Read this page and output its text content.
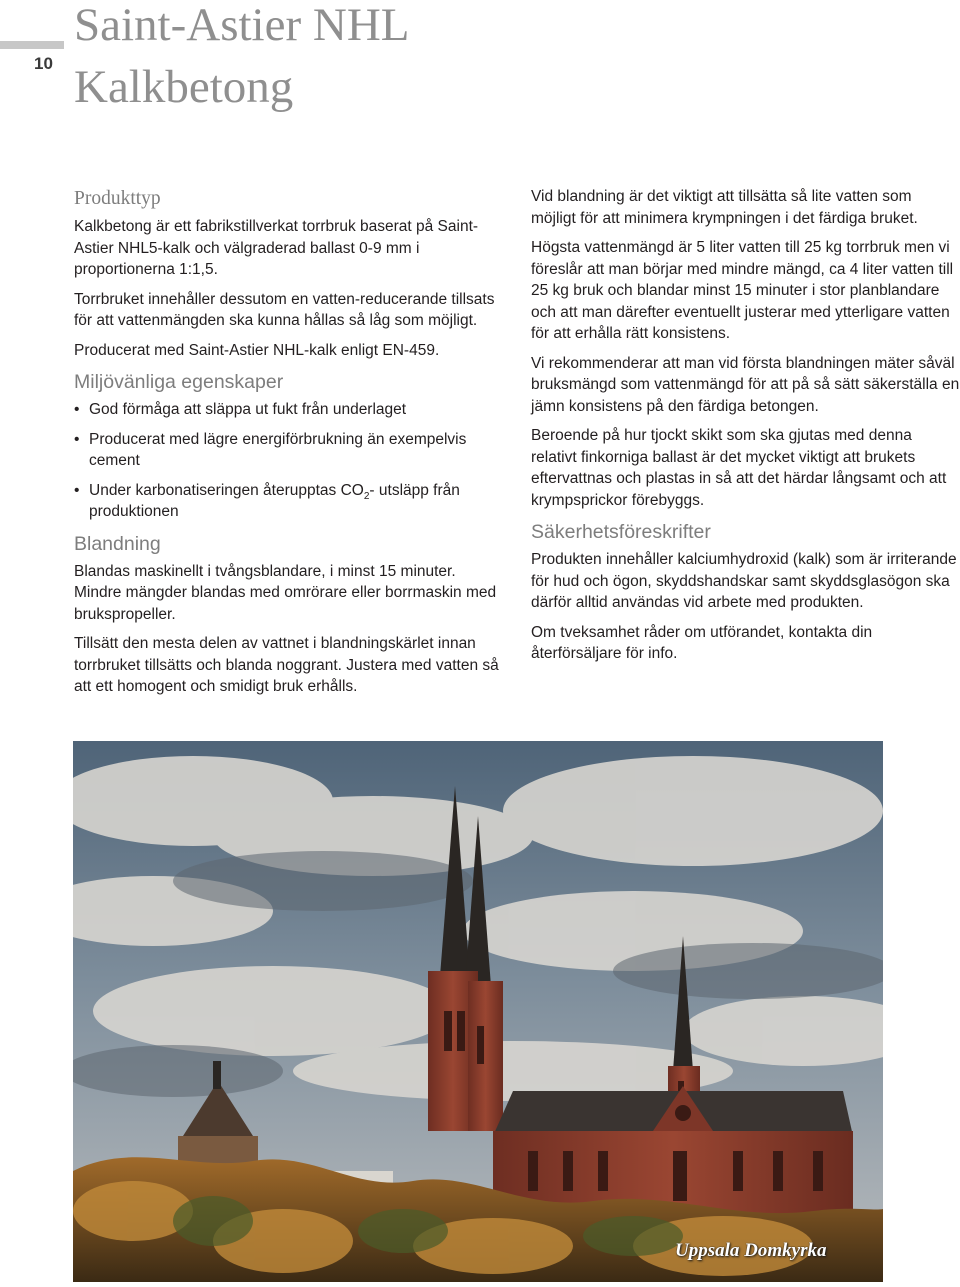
10
Saint-Astier NHL
Kalkbetong
Produkttyp

Kalkbetong är ett fabrikstillverkat torrbruk baserat på Saint-Astier NHL5-kalk och välgraderad ballast 0-9 mm i proportionerna 1:1,5.

Torrbruket innehåller dessutom en vatten-reducerande tillsats för att vattenmängden ska kunna hållas så låg som möjligt.

Producerat med Saint-Astier NHL-kalk enligt EN-459.

Miljövänliga egenskaper
• God förmåga att släppa ut fukt från underlaget
• Producerat med lägre energiförbrukning än exempelvis cement
• Under karbonatiseringen återupptas $CO_2-$ utsläpp från produktionen
Blandning

Blandas maskinellt i tvångsblandare, i minst 15 minuter. Mindre mängder blandas med omrörare eller borrmaskin med brukspropeller.

Tillsätt den mesta delen av vattnet i blandningskärlet innan torrbruket tillsätts och blanda noggrant. Justera med vatten så att ett homogent och smidigt bruk erhålls.

Vid blandning är det viktigt att tillsätta så lite vatten som möjligt för att minimera krympningen i det färdiga bruket.

Högsta vattenmängd är 5 liter vatten till 25 kg torrbruk men vi föreslår att man börjar med mindre mängd, ca 4 liter vatten till 25 kg bruk och blandar minst 15 minuter i stor planblandare och att man därefter eventuellt justerar med ytterligare vatten för att erhålla rätt konsistens.

Vi rekommenderar att man vid första blandningen mäter såväl bruksmängd som vattenmängd för att på så sätt säkerställa en jämn konsistens på den färdiga betongen.

Beroende på hur tjockt skikt som ska gjutas med denna relativt finkorniga ballast är det mycket viktigt att brukets eftervattnas och plastas in så att det härdar långsamt och att krympsprickor förebyggs.

Säkerhetsföreskrifter

Produkten innehåller kalciumhydroxid (kalk) som är irriterande för hud och ögon, skyddshandskar samt skyddsglasögon ska därför alltid användas vid arbete med produkten.

Om tveksamhet råder om utförandet, kontakta din återförsäljare för info.

Uppsala Domkyrka
